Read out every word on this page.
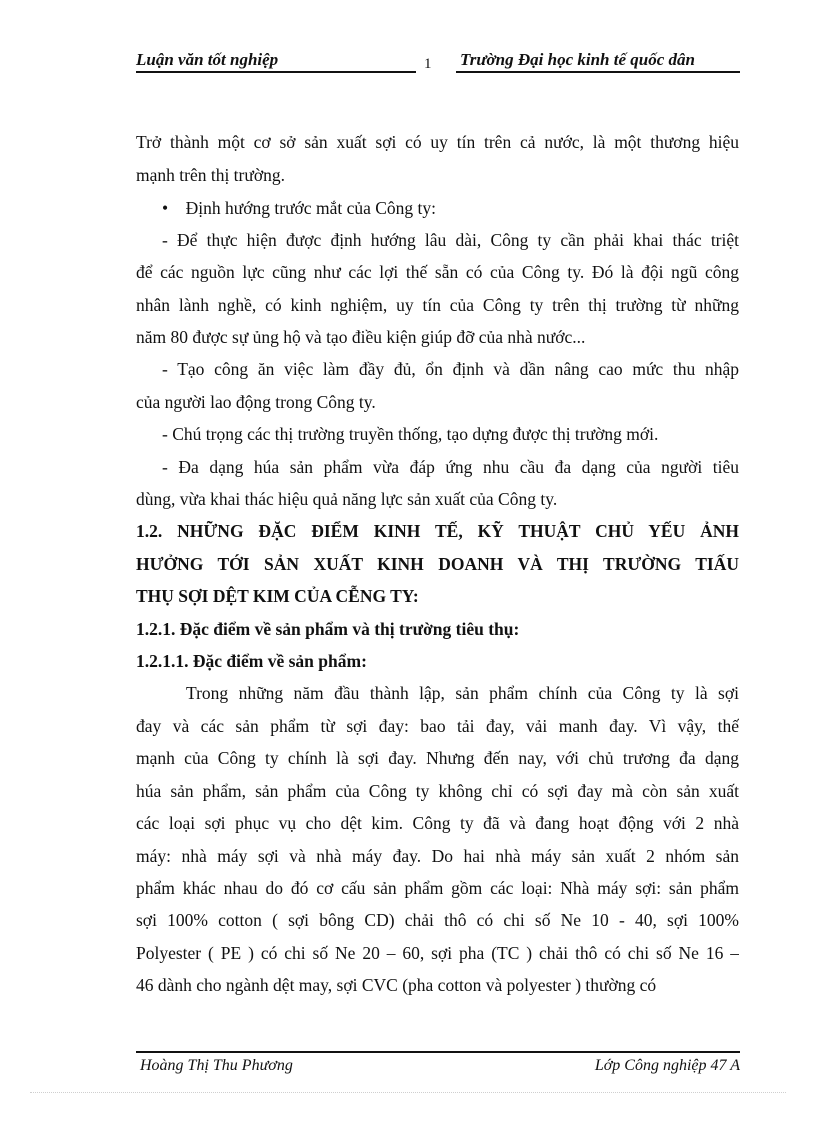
Luận văn tốt nghiệp	1 Trường Đại học kinh tế quốc dân
Trở thành một cơ sở sản xuất sợi có uy tín trên cả nước, là một thương hiệu
mạnh trên thị trường.
• Định hướng trước mắt của Công ty:
- Để thực hiện được định hướng lâu dài, Công ty cần phải khai thác triệt
để các nguồn lực cũng như các lợi thế sẵn có của Công ty. Đó là đội ngũ công
nhân lành nghề, có kinh nghiệm, uy tín của Công ty trên thị trường từ những
năm 80 được sự ủng hộ và tạo điều kiện giúp đỡ của nhà nước...
- Tạo công ăn việc làm đầy đủ, ổn định và dần nâng cao mức thu nhập
của người lao động trong Công ty.
- Chú trọng các thị trường truyền thống, tạo dựng được thị trường mới.
- Đa dạng húa sản phẩm vừa đáp ứng nhu cầu đa dạng của người tiêu
dùng, vừa khai thác hiệu quả năng lực sản xuất của Công ty.
1.2. NHỮNG ĐẶC ĐIỂM KINH TẾ, KỸ THUẬT CHỦ YẾU ẢNH
HƯỞNG TỚI SẢN XUẤT KINH DOANH VÀ THỊ TRƯỜNG TIẤU
THỤ SỢI DỆT KIM CỦA CỄNG TY:
1.2.1. Đặc điểm về sản phẩm và thị trường tiêu thụ:
1.2.1.1. Đặc điểm về sản phẩm:
Trong những năm đầu thành lập, sản phẩm chính của Công ty là sợi
đay và các sản phẩm từ sợi đay: bao tải đay, vải manh đay. Vì vậy, thế
mạnh của Công ty chính là sợi đay. Nhưng đến nay, với chủ trương đa dạng
húa sản phẩm, sản phẩm của Công ty không chỉ có sợi đay mà còn sản xuất
các loại sợi phục vụ cho dệt kim. Công ty đã và đang hoạt động với 2 nhà
máy: nhà máy sợi và nhà máy đay. Do hai nhà máy sản xuất 2 nhóm sản
phẩm khác nhau do đó cơ cấu sản phẩm gồm các loại: Nhà máy sợi: sản phẩm
sợi 100% cotton ( sợi bông CD) chải thô có chi số Ne 10 - 40, sợi 100%
Polyester ( PE ) có chi số Ne 20 – 60, sợi pha (TC ) chải thô có chi số Ne 16 –
46 dành cho ngành dệt may, sợi CVC (pha cotton và polyester ) thường có
Hoàng Thị Thu Phương	Lớp Công nghiệp 47 A
